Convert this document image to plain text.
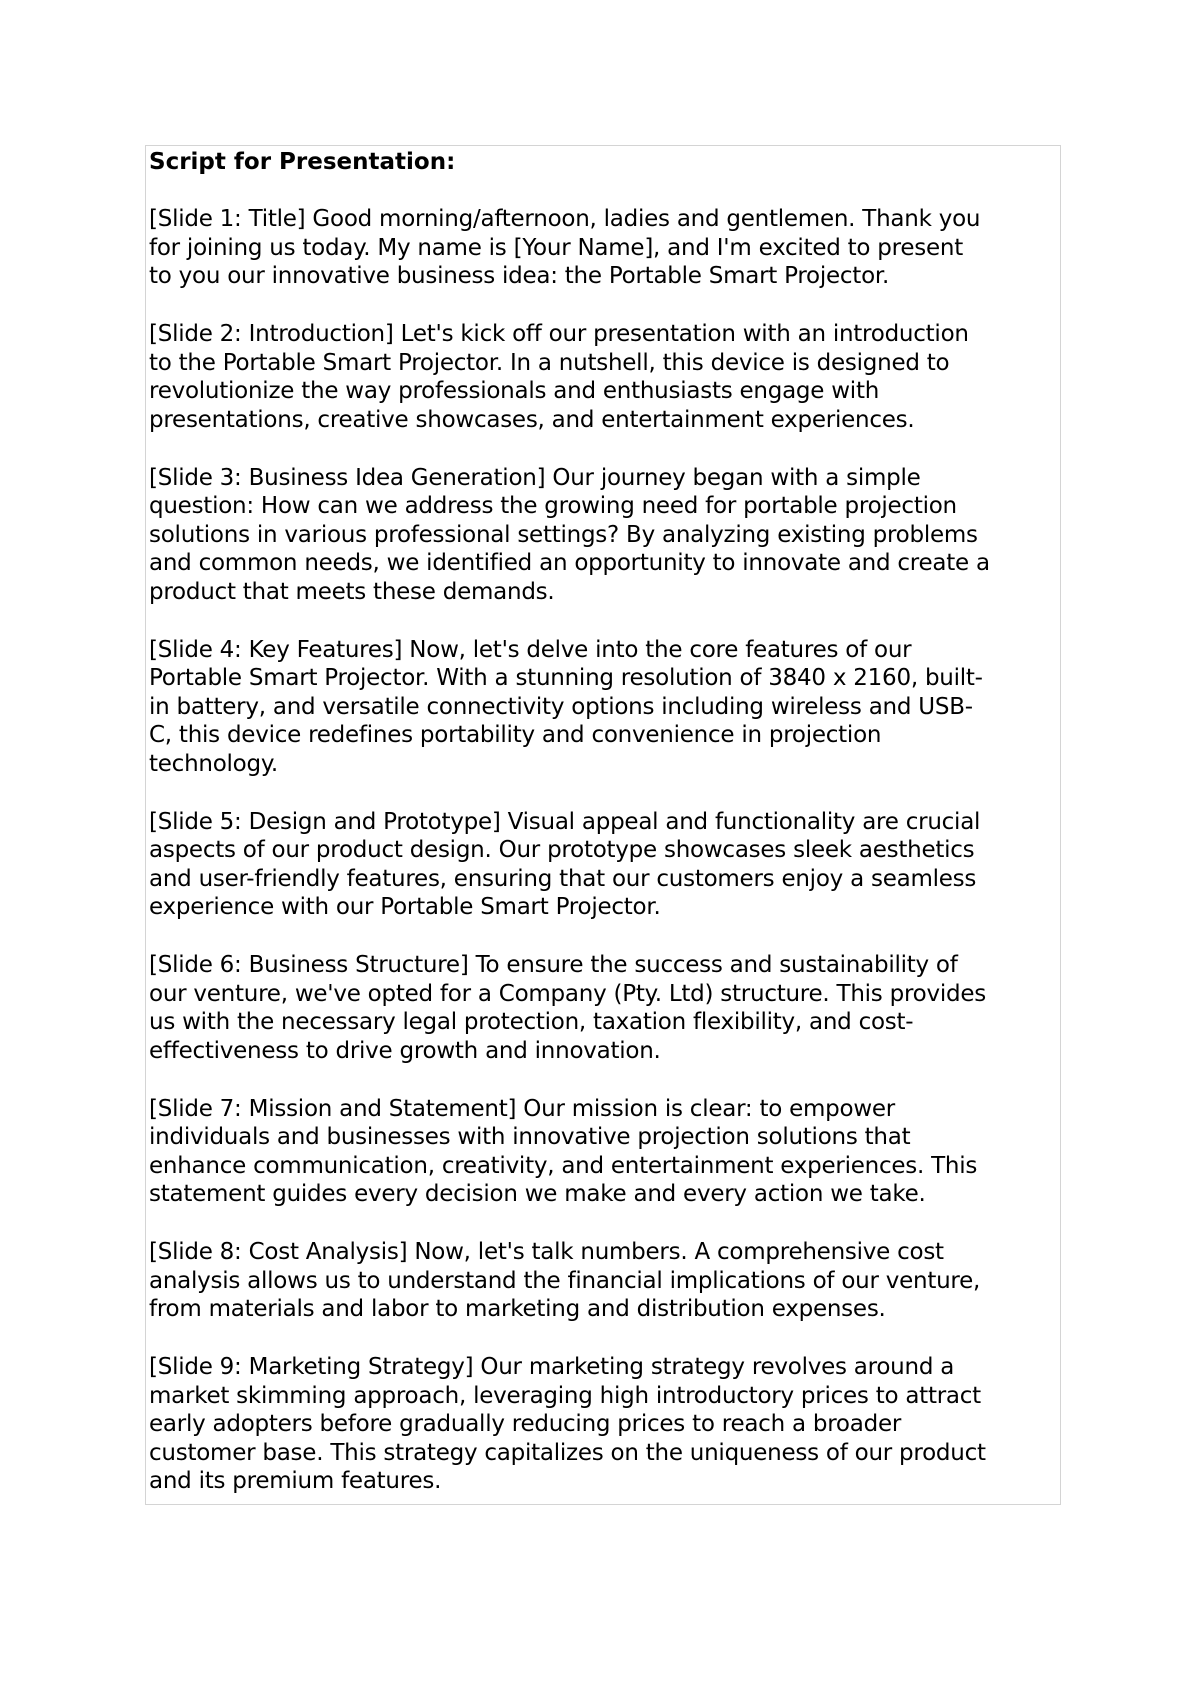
Script for Presentation:
[Slide 1: Title] Good morning/afternoon, ladies and gentlemen. Thank you
for joining us today. My name is [Your Name], and I'm excited to present
to you our innovative business idea: the Portable Smart Projector.
[Slide 2: Introduction] Let's kick off our presentation with an introduction
to the Portable Smart Projector. In a nutshell, this device is designed to
revolutionize the way professionals and enthusiasts engage with
presentations, creative showcases, and entertainment experiences.
[Slide 3: Business Idea Generation] Our journey began with a simple
question: How can we address the growing need for portable projection
solutions in various professional settings? By analyzing existing problems
and common needs, we identified an opportunity to innovate and create a
product that meets these demands.
[Slide 4: Key Features] Now, let's delve into the core features of our
Portable Smart Projector. With a stunning resolution of 3840 x 2160, built-
in battery, and versatile connectivity options including wireless and USB-
C, this device redefines portability and convenience in projection
technology.
[Slide 5: Design and Prototype] Visual appeal and functionality are crucial
aspects of our product design. Our prototype showcases sleek aesthetics
and user-friendly features, ensuring that our customers enjoy a seamless
experience with our Portable Smart Projector.
[Slide 6: Business Structure] To ensure the success and sustainability of
our venture, we've opted for a Company (Pty. Ltd) structure. This provides
us with the necessary legal protection, taxation flexibility, and cost-
effectiveness to drive growth and innovation.
[Slide 7: Mission and Statement] Our mission is clear: to empower
individuals and businesses with innovative projection solutions that
enhance communication, creativity, and entertainment experiences. This
statement guides every decision we make and every action we take.
[Slide 8: Cost Analysis] Now, let's talk numbers. A comprehensive cost
analysis allows us to understand the financial implications of our venture,
from materials and labor to marketing and distribution expenses.
[Slide 9: Marketing Strategy] Our marketing strategy revolves around a
market skimming approach, leveraging high introductory prices to attract
early adopters before gradually reducing prices to reach a broader
customer base. This strategy capitalizes on the uniqueness of our product
and its premium features.
